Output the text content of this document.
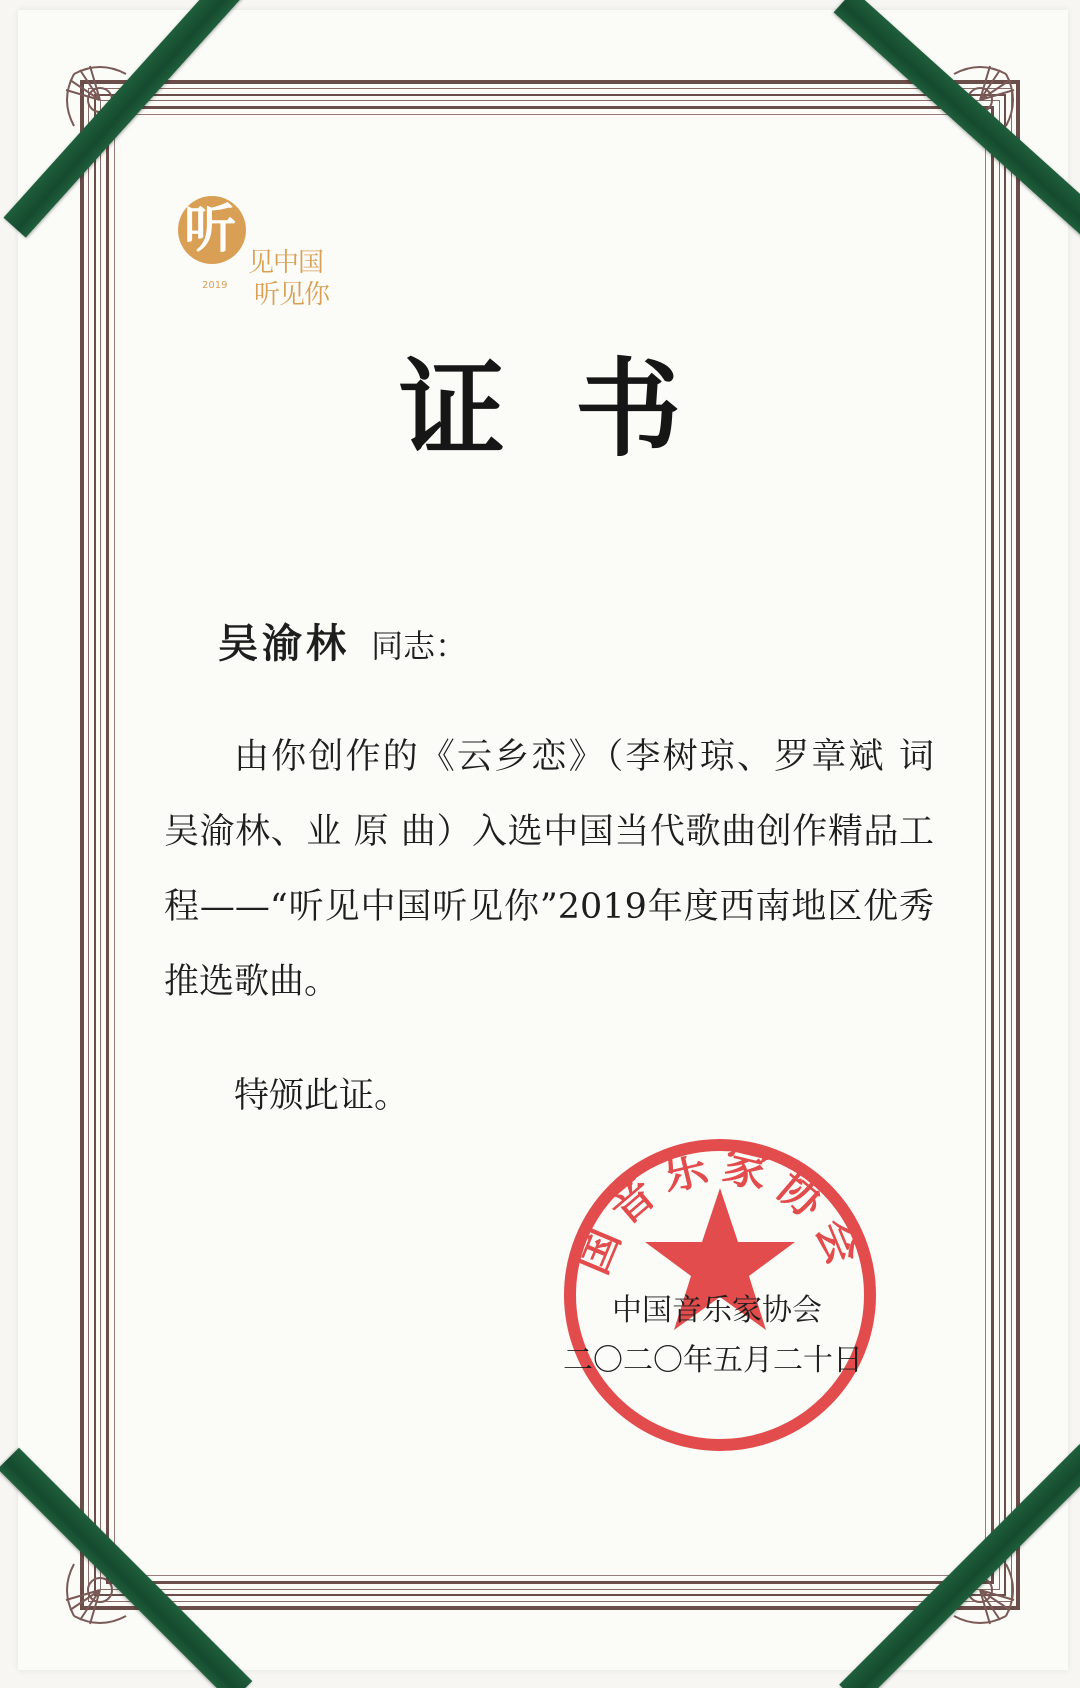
听
见中国
听见你
2019
证书
吴渝林 同志：

由你创作的《云乡恋》（李树琼、罗章斌 词 吴渝林、业 原 曲）入选中国当代歌曲创作精品工程——“听见中国听见你”2019年度西南地区优秀推选歌曲。

特颁此证。

国音乐家协会
中国音乐家协会
二〇二〇年五月二十日
